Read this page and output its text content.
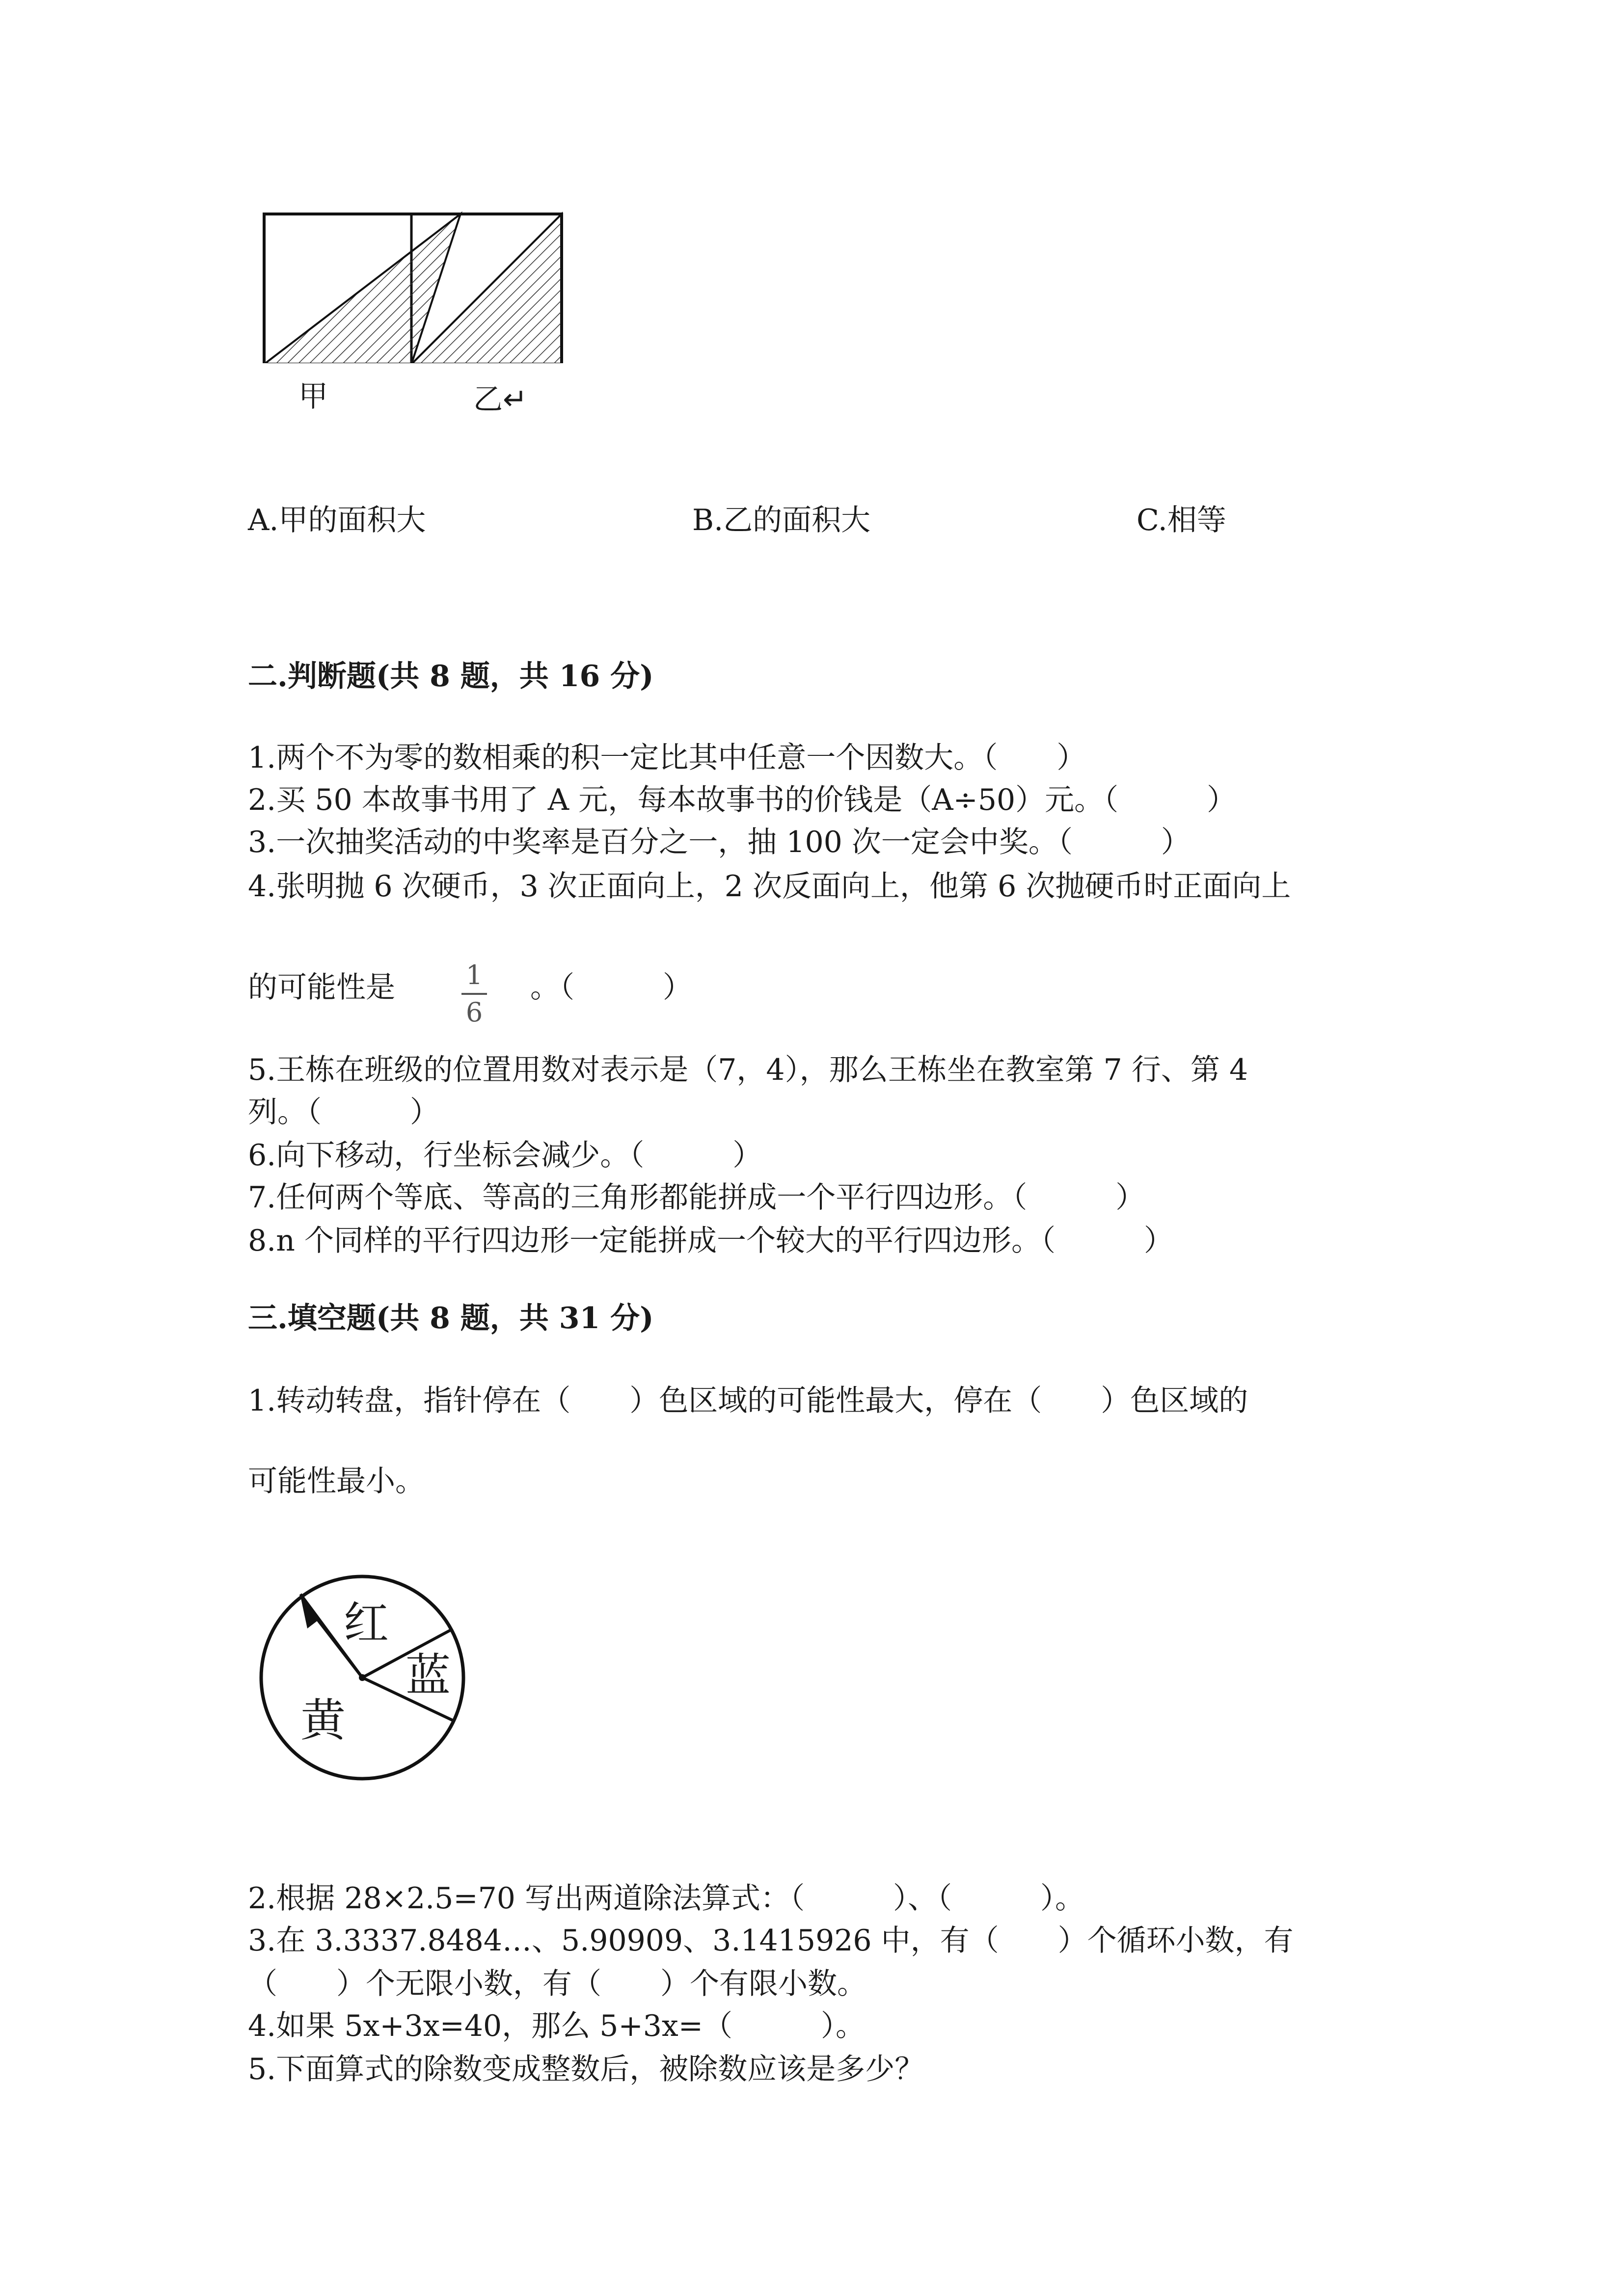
甲	乙↵
A.甲的面积大	B.乙的面积大	C.相等
二.判断题(共 8 题，共 16 分)
1.两个不为零的数相乘的积一定比其中任意一个因数大。（　　）
2.买 50 本故事书用了 A 元，每本故事书的价钱是（A÷50）元。（　　　）
3.一次抽奖活动的中奖率是百分之一，抽 100 次一定会中奖。（　　　）
4.张明抛 6 次硬币，3 次正面向上，2 次反面向上，他第 6 次抛硬币时正面向上
的可能性是	1
6
。（　　　）
5.王栋在班级的位置用数对表示是（7，4），那么王栋坐在教室第 7 行、第 4
列。（　　　）
6.向下移动，行坐标会减少。（　　　）
7.任何两个等底、等高的三角形都能拼成一个平行四边形。（　　　）
8.n 个同样的平行四边形一定能拼成一个较大的平行四边形。（　　　）
三.填空题(共 8 题，共 31 分)
1.转动转盘，指针停在（　　）色区域的可能性最大，停在（　　）色区域的
可能性最小。
红
蓝
黄
2.根据 28×2.5=70 写出两道除法算式：（　　　）、（　　　）。
3.在 3.3337.8484…、5.90909、3.1415926 中，有（　　）个循环小数，有
（　　）个无限小数，有（　　）个有限小数。
4.如果 5x+3x=40，那么 5+3x=（　　　）。
5.下面算式的除数变成整数后，被除数应该是多少？
